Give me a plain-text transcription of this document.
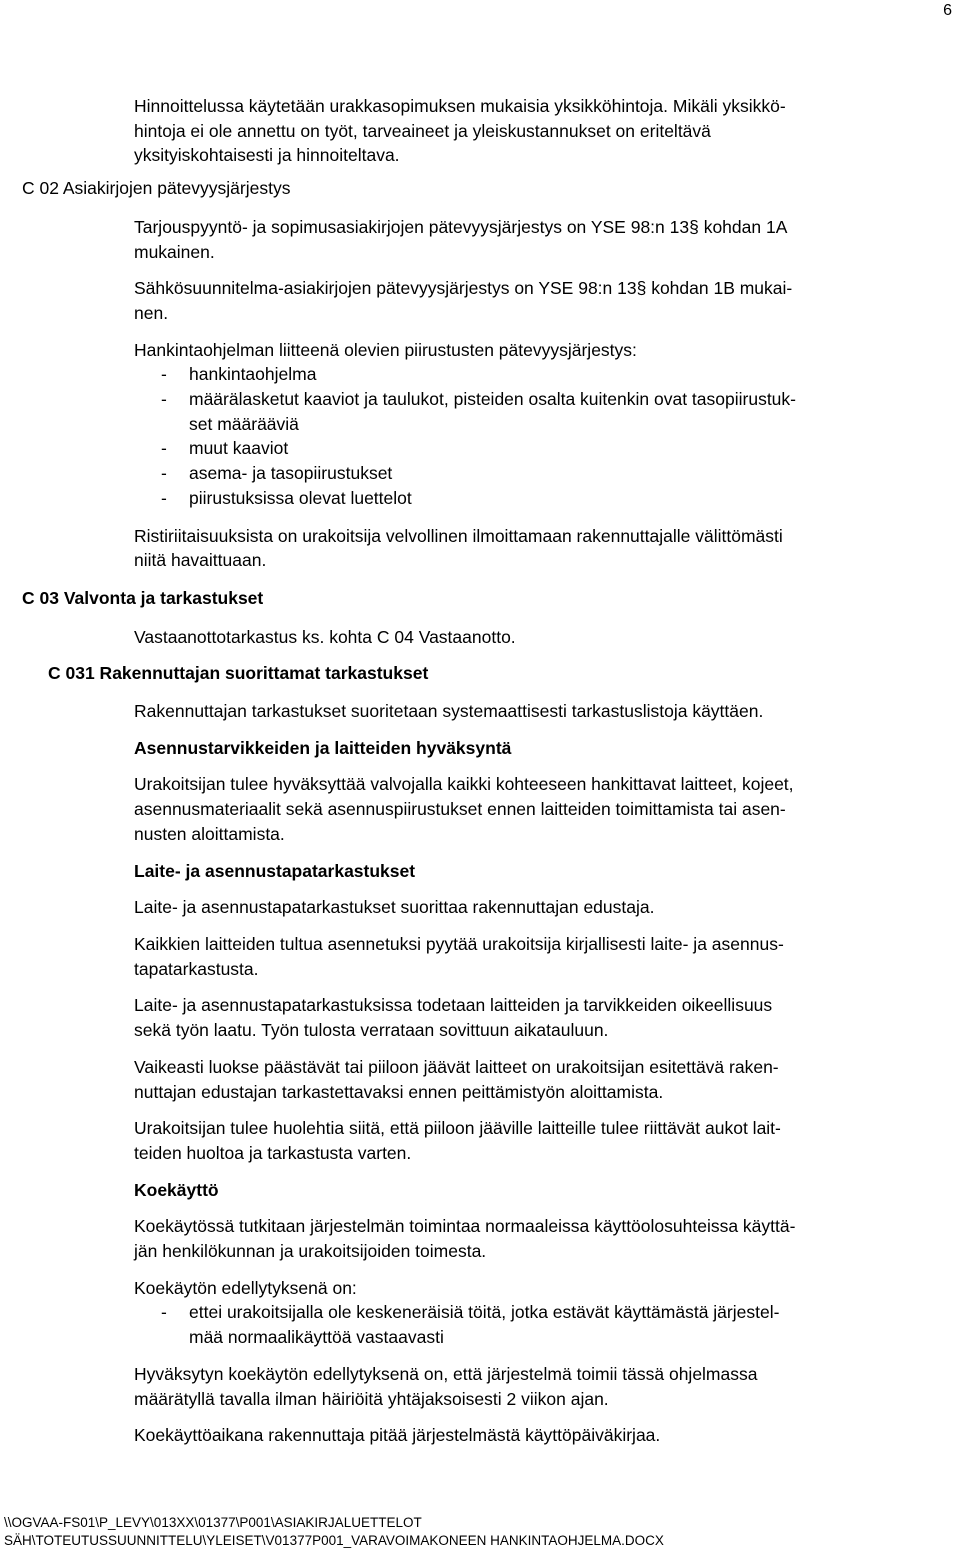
6

Hinnoittelussa käytetään urakkasopimuksen mukaisia yksikköhintoja. Mikäli yksikkö-
hintoja ei ole annettu on työt, tarveaineet ja yleiskustannukset on eriteltävä
yksityiskohtaisesti ja hinnoiteltava.

C 02 Asiakirjojen pätevyysjärjestys

Tarjouspyyntö- ja sopimusasiakirjojen pätevyysjärjestys on YSE 98:n 13§ kohdan 1A
mukainen.

Sähkösuunnitelma-asiakirjojen pätevyysjärjestys on YSE 98:n 13§ kohdan 1B mukai-
nen.

Hankintaohjelman liitteenä olevien piirustusten pätevyysjärjestys:

-	hankintaohjelma
-	määrälasketut kaaviot ja taulukot, pisteiden osalta kuitenkin ovat tasopiirustuk-
set määrääviä
-	muut kaaviot
-	asema- ja tasopiirustukset
-	piirustuksissa olevat luettelot

Ristiriitaisuuksista on urakoitsija velvollinen ilmoittamaan rakennuttajalle välittömästi
niitä havaittuaan.

C 03 Valvonta ja tarkastukset

Vastaanottotarkastus ks. kohta C 04 Vastaanotto.

C 031 Rakennuttajan suorittamat tarkastukset

Rakennuttajan tarkastukset suoritetaan systemaattisesti tarkastuslistoja käyttäen.

Asennustarvikkeiden ja laitteiden hyväksyntä

Urakoitsijan tulee hyväksyttää valvojalla kaikki kohteeseen hankittavat laitteet, kojeet,
asennusmateriaalit sekä asennuspiirustukset ennen laitteiden toimittamista tai asen-
nusten aloittamista.

Laite- ja asennustapatarkastukset

Laite- ja asennustapatarkastukset suorittaa rakennuttajan edustaja.

Kaikkien laitteiden tultua asennetuksi pyytää urakoitsija kirjallisesti laite- ja asennus-
tapatarkastusta.

Laite- ja asennustapatarkastuksissa todetaan laitteiden ja tarvikkeiden oikeellisuus
sekä työn laatu. Työn tulosta verrataan sovittuun aikatauluun.

Vaikeasti luokse päästävät tai piiloon jäävät laitteet on urakoitsijan esitettävä raken-
nuttajan edustajan tarkastettavaksi ennen peittämistyön aloittamista.

Urakoitsijan tulee huolehtia siitä, että piiloon jääville laitteille tulee riittävät aukot lait-
teiden huoltoa ja tarkastusta varten.

Koekäyttö

Koekäytössä tutkitaan järjestelmän toimintaa normaaleissa käyttöolosuhteissa käyttä-
jän henkilökunnan ja urakoitsijoiden toimesta.

Koekäytön edellytyksenä on:

-	ettei urakoitsijalla ole keskeneräisiä töitä, jotka estävät käyttämästä järjestel-
mää normaalikäyttöä vastaavasti

Hyväksytyn koekäytön edellytyksenä on, että järjestelmä toimii tässä ohjelmassa
määrätyllä tavalla ilman häiriöitä yhtäjaksoisesti 2 viikon ajan.

Koekäyttöaikana rakennuttaja pitää järjestelmästä käyttöpäiväkirjaa.

\\OGVAA-FS01\P_LEVY\013XX\01377\P001\ASIAKIRJALUETTELOT
SÄH\TOTEUTUSSUUNNITTELU\YLEISET\V01377P001_VARAVOIMAKONEEN HANKINTAOHJELMA.DOCX
